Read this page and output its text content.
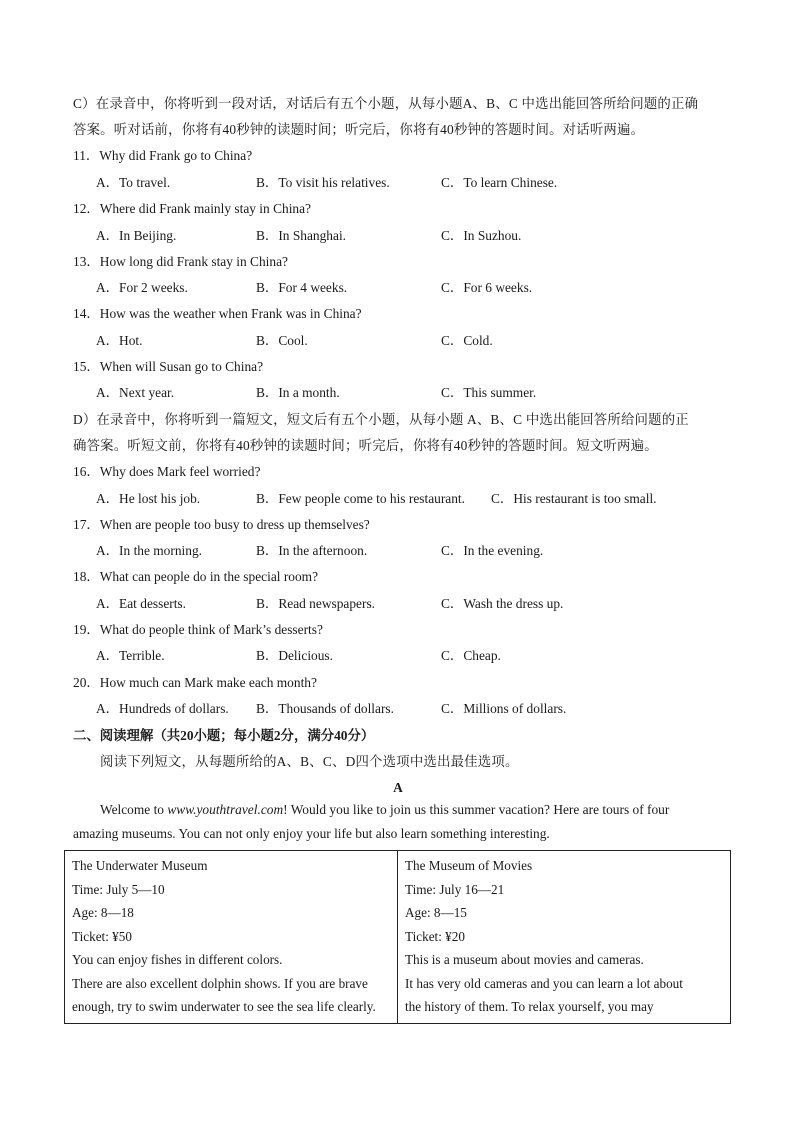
C）在录音中，你将听到一段对话，对话后有五个小题，从每小题A、B、C 中选出能回答所给问题的正确
答案。听对话前，你将有40秒钟的读题时间；听完后，你将有40秒钟的答题时间。对话听两遍。
11．Why did Frank go to China?
A．To travel.	B．To visit his relatives.	C．To learn Chinese.
12．Where did Frank mainly stay in China?
A．In Beijing.	B．In Shanghai.	C．In Suzhou.
13．How long did Frank stay in China?
A．For 2 weeks.	B．For 4 weeks.	C．For 6 weeks.
14．How was the weather when Frank was in China?
A．Hot.	B．Cool.	C．Cold.
15．When will Susan go to China?
A．Next year.	B．In a month.	C．This summer.
D）在录音中，你将听到一篇短文，短文后有五个小题，从每小题 A、B、C 中选出能回答所给问题的正
确答案。听短文前，你将有40秒钟的读题时间；听完后，你将有40秒钟的答题时间。短文听两遍。
16．Why does Mark feel worried?
A．He lost his job.	B．Few people come to his restaurant. C．His restaurant is too small.
17．When are people too busy to dress up themselves?
A．In the morning.	B．In the afternoon.	C．In the evening.
18．What can people do in the special room?
A．Eat desserts.	B．Read newspapers.	C．Wash the dress up.
19．What do people think of Mark’s desserts?
A．Terrible.	B．Delicious.	C．Cheap.
20．How much can Mark make each month?
A．Hundreds of dollars. B．Thousands of dollars.	C．Millions of dollars.
二、阅读理解（共20小题；每小题2分，满分40分）
阅读下列短文，从每题所给的A、B、C、D四个选项中选出最佳选项。
A
Welcome to www.youthtravel.com! Would you like to join us this summer vacation? Here are tours of four
amazing museums. You can not only enjoy your life but also learn something interesting.
The Underwater Museum
Time: July 5—10
Age: 8—18
Ticket: ¥50
You can enjoy fishes in different colors.
There are also excellent dolphin shows. If you are brave
enough, try to swim underwater to see the sea life clearly.

The Museum of Movies
Time: July 16—21
Age: 8—15
Ticket: ¥20
This is a museum about movies and cameras.
It has very old cameras and you can learn a lot about
the history of them. To relax yourself, you may
